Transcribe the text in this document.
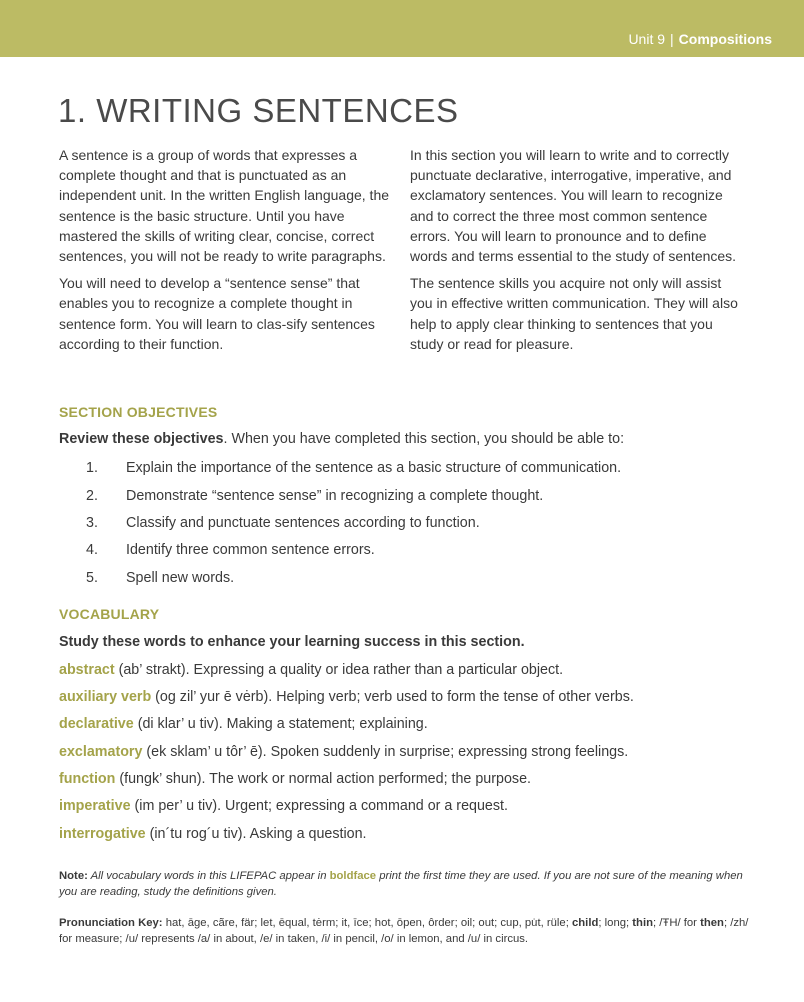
Unit 9 | Compositions
1. WRITING SENTENCES

A sentence is a group of words that expresses a complete thought and that is punctuated as an independent unit. In the written English language, the sentence is the basic structure. Until you have mastered the skills of writing clear, concise, correct sentences, you will not be ready to write paragraphs.

You will need to develop a “sentence sense” that enables you to recognize a complete thought in sentence form. You will learn to clas-sify sentences according to their function.

In this section you will learn to write and to correctly punctuate declarative, interrogative, imperative, and exclamatory sentences. You will learn to recognize and to correct the three most common sentence errors. You will learn to pronounce and to define words and terms essential to the study of sentences.

The sentence skills you acquire not only will assist you in effective written communication. They will also help to apply clear thinking to sentences that you study or read for pleasure.

SECTION OBJECTIVES
Review these objectives. When you have completed this section, you should be able to:
1. Explain the importance of the sentence as a basic structure of communication.
2. Demonstrate “sentence sense” in recognizing a complete thought.
3. Classify and punctuate sentences according to function.
4. Identify three common sentence errors.
5. Spell new words.
VOCABULARY
Study these words to enhance your learning success in this section.
abstract (ab’ strakt). Expressing a quality or idea rather than a particular object.
auxiliary verb (og zil’ yur ē vėrb). Helping verb; verb used to form the tense of other verbs.
declarative (di klar’ u tiv). Making a statement; explaining.
exclamatory (ek sklam’ u tôr’ ē). Spoken suddenly in surprise; expressing strong feelings.
function (fungk’ shun). The work or normal action performed; the purpose.
imperative (im per’ u tiv). Urgent; expressing a command or a request.
interrogative (in´tu rog´u tiv). Asking a question.
Note: All vocabulary words in this LIFEPAC appear in boldface print the first time they are used. If you are not sure of the meaning when you are reading, study the definitions given.
Pronunciation Key: hat, āge, cãre, fär; let, ēqual, tėrm; it, īce; hot, ōpen, ôrder; oil; out; cup, pu̇t, rüle; child; long; thin; /ŦH/ for then; /zh/ for measure; /u/ represents /a/ in about, /e/ in taken, /i/ in pencil, /o/ in lemon, and /u/ in circus.
